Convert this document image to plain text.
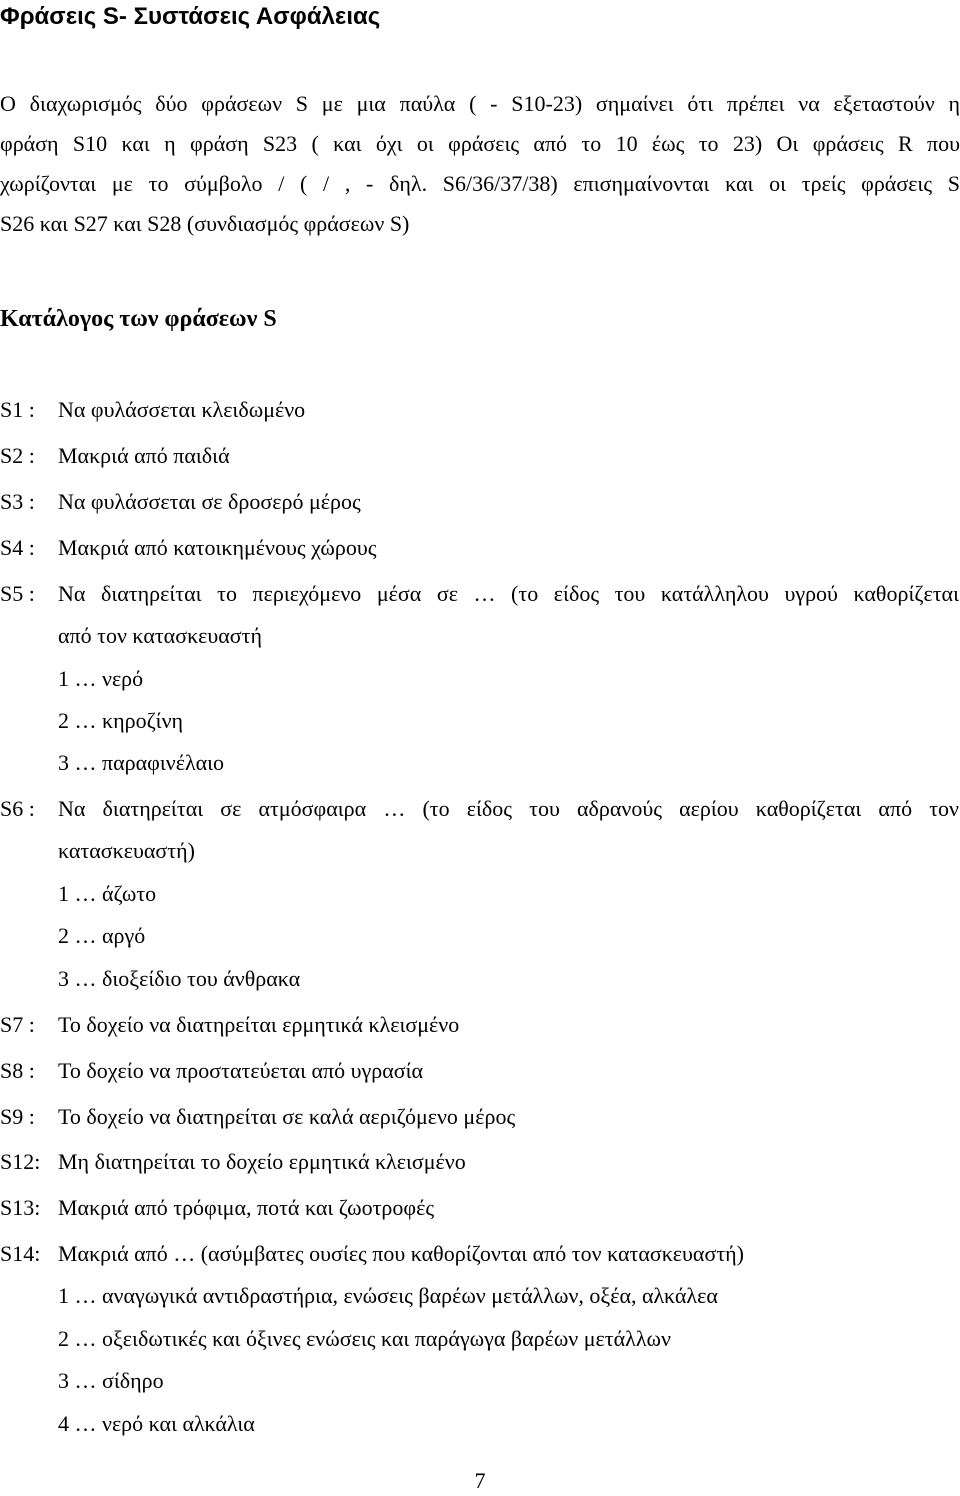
Φράσεις S- Συστάσεις Ασφάλειας
Ο διαχωρισμός δύο φράσεων S με μια παύλα ( - S10-23) σημαίνει ότι πρέπει να εξεταστούν η
φράση S10 και η φράση S23 ( και όχι οι φράσεις από το 10 έως το 23) Οι φράσεις R που
χωρίζονται με το σύμβολο / ( / , - δηλ. S6/36/37/38) επισημαίνονται και οι τρείς φράσεις S
S26 και S27 και S28 (συνδιασμός φράσεων S)
Κατάλογος των φράσεων S
S1 : Να φυλάσσεται κλειδωμένο
S2 : Μακριά από παιδιά
S3 : Να φυλάσσεται σε δροσερό μέρος
S4 : Μακριά από κατοικημένους χώρους
S5 : Να διατηρείται το περιεχόμενο μέσα σε … (το είδος του κατάλληλου υγρού καθορίζεται
από τον κατασκευαστή
1 … νερό
2 … κηροζίνη
3 … παραφινέλαιο
S6 : Να διατηρείται σε ατμόσφαιρα … (το είδος του αδρανούς αερίου καθορίζεται από τον
κατασκευαστή)
1 … άζωτο
2 … αργό
3 … διοξείδιο του άνθρακα
S7 : Το δοχείο να διατηρείται ερμητικά κλεισμένο
S8 : Το δοχείο να προστατεύεται από υγρασία
S9 : Το δοχείο να διατηρείται σε καλά αεριζόμενο μέρος
S12: Μη διατηρείται το δοχείο ερμητικά κλεισμένο
S13: Μακριά από τρόφιμα, ποτά και ζωοτροφές
S14: Μακριά από … (ασύμβατες ουσίες που καθορίζονται από τον κατασκευαστή)
1 … αναγωγικά αντιδραστήρια, ενώσεις βαρέων μετάλλων, οξέα, αλκάλεα
2 … οξειδωτικές και όξινες ενώσεις και παράγωγα βαρέων μετάλλων
3 … σίδηρο
4 … νερό και αλκάλια
7
